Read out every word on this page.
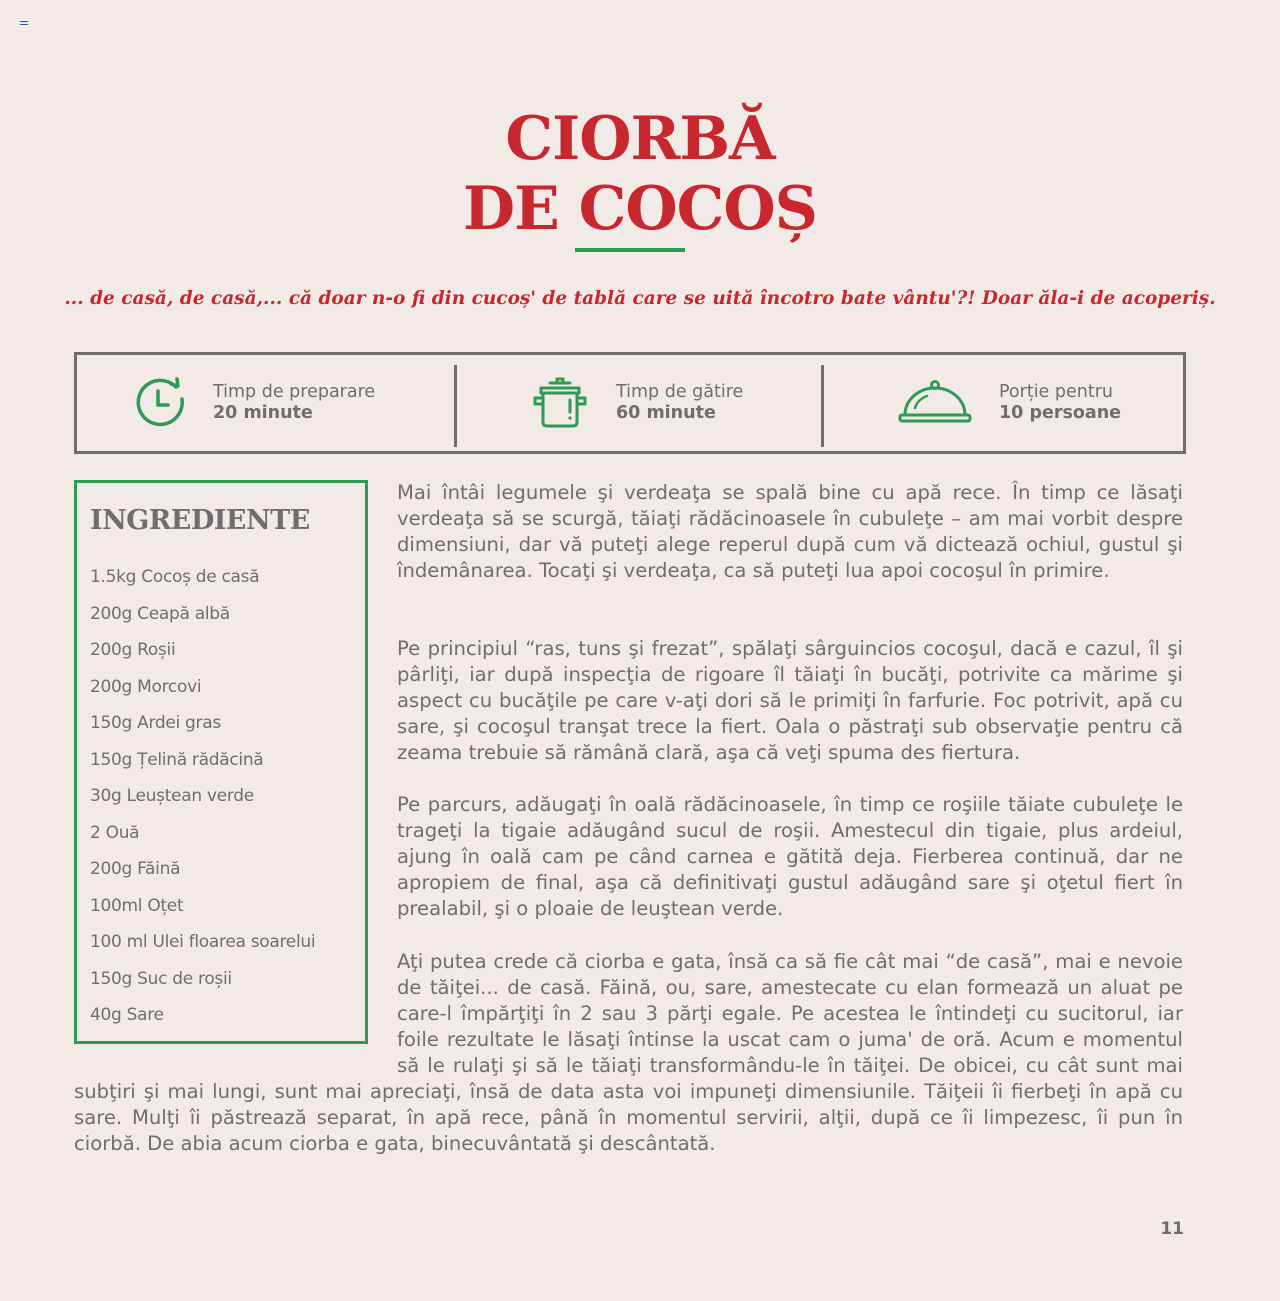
CIORBĂ
DE COCOȘ
... de casă, de casă,... că doar n-o fi din cucoș' de tablă care se uită încotro bate vântu'?! Doar ăla-i de acoperiș.
Timp de preparare
20 minute
Timp de gătire
60 minute
Porție pentru
10 persoane
INGREDIENTE
1.5kg Cocoș de casă
200g Ceapă albă
200g Roșii
200g Morcovi
150g Ardei gras
150g Țelină rădăcină
30g Leuștean verde
2 Ouă
200g Făină
100ml Oțet
100 ml Ulei floarea soarelui
150g Suc de roșii
40g Sare

Mai întâi legumele şi verdeaţa se spală bine cu apă rece. În timp ce lăsaţi verdeaţa să se scurgă, tăiaţi rădăcinoasele în cubuleţe – am mai vorbit despre dimensiuni, dar vă puteţi alege reperul după cum vă dictează ochiul, gustul şi îndemânarea. Tocaţi şi verdeaţa, ca să puteţi lua apoi cocoşul în primire.

Pe principiul “ras, tuns şi frezat”, spălaţi sârguincios cocoşul, dacă e cazul, îl şi pârliţi, iar după inspecţia de rigoare îl tăiaţi în bucăţi, potrivite ca mărime şi aspect cu bucăţile pe care v-aţi dori să le primiţi în farfurie. Foc potrivit, apă cu sare, şi cocoşul tranşat trece la fiert. Oala o păstraţi sub observaţie pentru că zeama trebuie să rămână clară, aşa că veţi spuma des fiertura.

Pe parcurs, adăugaţi în oală rădăcinoasele, în timp ce roşiile tăiate cubuleţe le trageţi la tigaie adăugând sucul de roşii. Amestecul din tigaie, plus ardeiul, ajung în oală cam pe când carnea e gătită deja. Fierberea continuă, dar ne apropiem de final, aşa că definitivaţi gustul adăugând sare şi oţetul fiert în prealabil, şi o ploaie de leuştean verde.

Aţi putea crede că ciorba e gata, însă ca să fie cât mai “de casă”, mai e nevoie de tăiţei... de casă. Făină, ou, sare, amestecate cu elan formează un aluat pe care-l împărţiţi în 2 sau 3 părţi egale. Pe acestea le întindeţi cu sucitorul, iar foile rezultate le lăsaţi întinse la uscat cam o juma' de oră. Acum e momentul să le rulaţi şi să le tăiaţi transformându-le în tăiţei. De obicei, cu cât sunt mai

subţiri şi mai lungi, sunt mai apreciaţi, însă de data asta voi impuneţi dimensiunile. Tăiţeii îi fierbeţi în apă cu sare. Mulţi îi păstrează separat, în apă rece, până în momentul servirii, alţii, după ce îi limpezesc, îi pun în ciorbă. De abia acum ciorba e gata, binecuvântată şi descântată.

11
